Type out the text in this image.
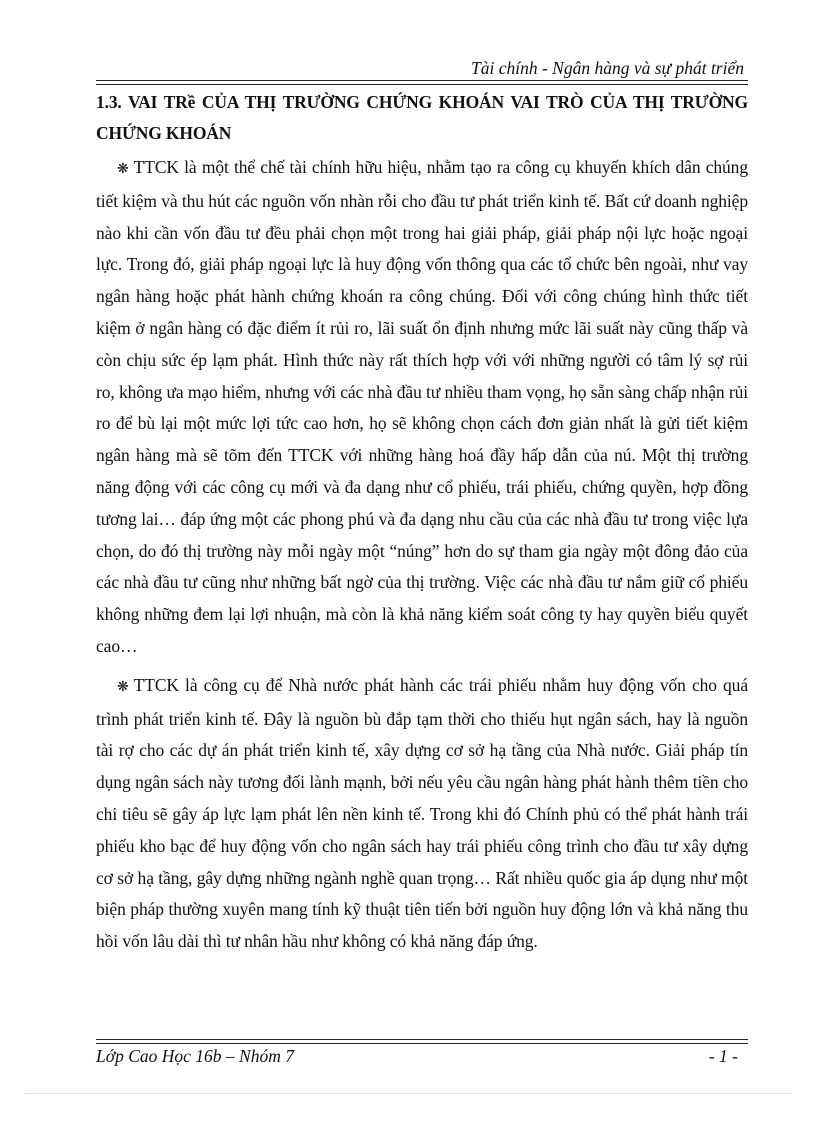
Tài chính - Ngân hàng và sự phát triển
1.3. VAI TRề CỦA THỊ TRƯỜNG CHỨNG KHOÁN VAI TRÒ CỦA THỊ TRƯỜNG CHỨNG KHOÁN

❋ TTCK là một thể chế tài chính hữu hiệu, nhằm tạo ra công cụ khuyến khích dân chúng tiết kiệm và thu hút các nguồn vốn nhàn rỗi cho đầu tư phát triển kinh tế. Bất cứ doanh nghiệp nào khi cần vốn đầu tư đều phải chọn một trong hai giải pháp, giải pháp nội lực hoặc ngoại lực. Trong đó, giải pháp ngoại lực là huy động vốn thông qua các tổ chức bên ngoài, như vay ngân hàng hoặc phát hành chứng khoán ra công chúng. Đối với công chúng hình thức tiết kiệm ở ngân hàng có đặc điểm ít rủi ro, lãi suất ổn định nhưng mức lãi suất này cũng thấp và còn chịu sức ép lạm phát. Hình thức này rất thích hợp với với những người có tâm lý sợ rủi ro, không ưa mạo hiểm, nhưng với các nhà đầu tư nhiều tham vọng, họ sẵn sàng chấp nhận rủi ro để bù lại một mức lợi tức cao hơn, họ sẽ không chọn cách đơn giản nhất là gửi tiết kiệm ngân hàng mà sẽ tõm đến TTCK với những hàng hoá đầy hấp dẫn của nú. Một thị trường năng động với các công cụ mới và đa dạng như cổ phiếu, trái phiếu, chứng quyền, hợp đồng tương lai… đáp ứng một các phong phú và đa dạng nhu cầu của các nhà đầu tư trong việc lựa chọn, do đó thị trường này mỗi ngày một “núng” hơn do sự tham gia ngày một đông đảo của các nhà đầu tư cũng như những bất ngờ của thị trường. Việc các nhà đầu tư nắm giữ cổ phiếu không những đem lại lợi nhuận, mà còn là khả năng kiểm soát công ty hay quyền biểu quyết cao…

❋ TTCK là công cụ để Nhà nước phát hành các trái phiếu nhằm huy động vốn cho quá trình phát triển kinh tế. Đây là nguồn bù đắp tạm thời cho thiếu hụt ngân sách, hay là nguồn tài rợ cho các dự án phát triển kinh tế, xây dựng cơ sở hạ tầng của Nhà nước. Giải pháp tín dụng ngân sách này tương đối lành mạnh, bởi nếu yêu cầu ngân hàng phát hành thêm tiền cho chi tiêu sẽ gây áp lực lạm phát lên nền kinh tế. Trong khi đó Chính phủ có thể phát hành trái phiếu kho bạc để huy động vốn cho ngân sách hay trái phiếu công trình cho đầu tư xây dựng cơ sở hạ tầng, gây dựng những ngành nghề quan trọng… Rất nhiều quốc gia áp dụng như một biện pháp thường xuyên mang tính kỹ thuật tiên tiến bởi nguồn huy động lớn và khả năng thu hồi vốn lâu dài thì tư nhân hầu như không có khả năng đáp ứng.

Lớp Cao Học 16b – Nhóm 7	- 1 -
